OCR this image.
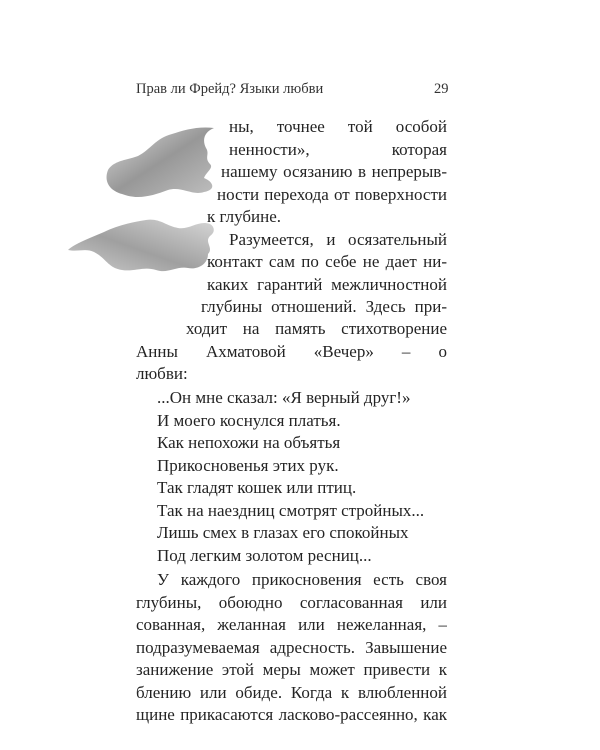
Прав ли Фрейд? Языки любви	29
ны, точнее той особой
ненности», которая
нашему осязанию в непрерыв-
ности перехода от поверхности
к глубине.
Разумеется, и осязательный
контакт сам по себе не дает ни-
каких гарантий межличностной
глубины отношений. Здесь при-
ходит на память стихотворение
Анны Ахматовой «Вечер» – о
любви:
...Он мне сказал: «Я верный друг!»
И моего коснулся платья.
Как непохожи на объятья
Прикосновенья этих рук.
Так гладят кошек или птиц.
Так на наездниц смотрят стройных...
Лишь смех в глазах его спокойных
Под легким золотом ресниц...
У каждого прикосновения есть своя
глубины, обоюдно согласованная или
сованная, желанная или нежеланная, –
подразумеваемая адресность. Завышение
занижение этой меры может привести к
блению или обиде. Когда к влюбленной
щине прикасаются ласково-рассеянно, как
